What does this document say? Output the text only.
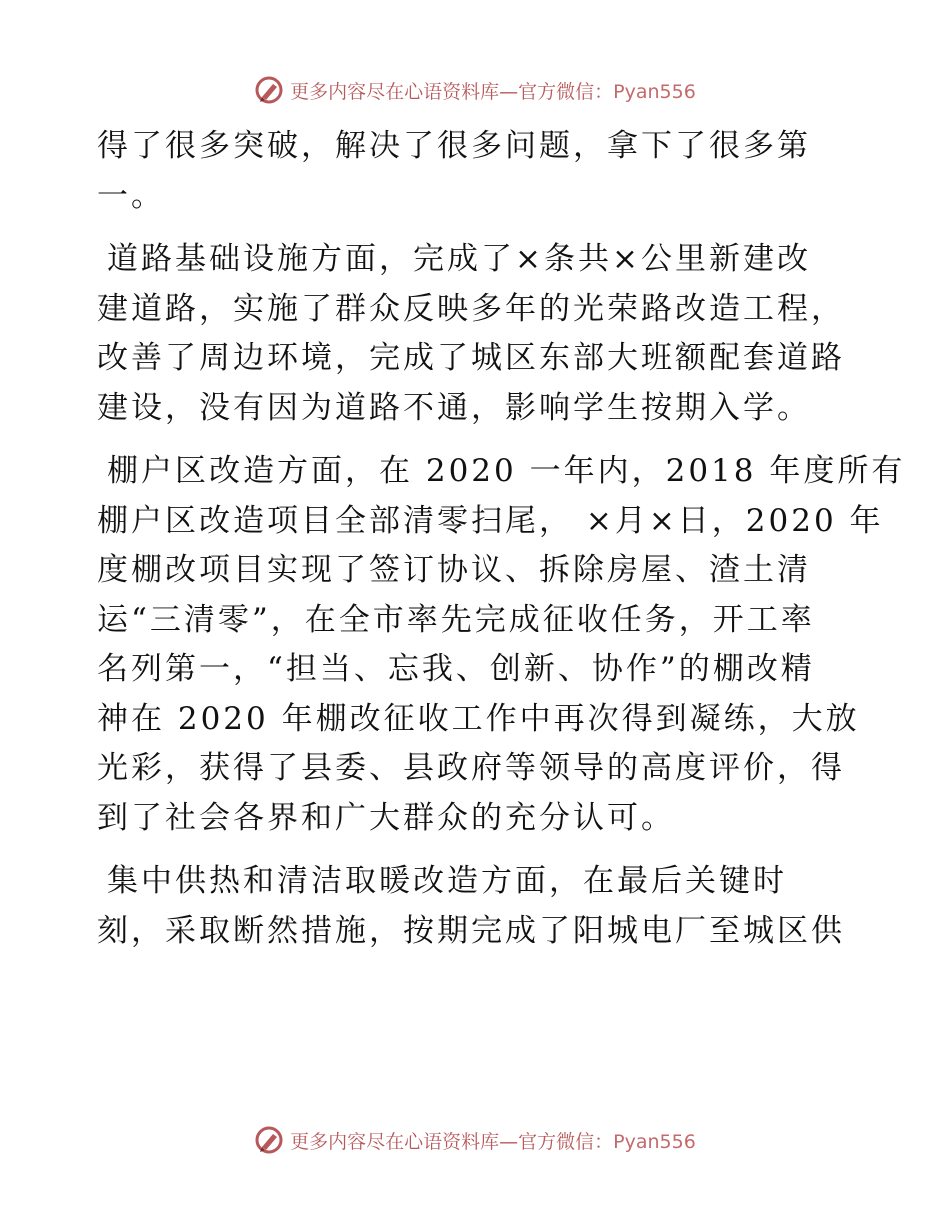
更多内容尽在心语资料库—官方微信：Pyan556

得了很多突破，解决了很多问题，拿下了很多第
一。

道路基础设施方面，完成了×条共×公里新建改
建道路，实施了群众反映多年的光荣路改造工程，
改善了周边环境，完成了城区东部大班额配套道路
建设，没有因为道路不通，影响学生按期入学。

棚户区改造方面，在 2020 一年内，2018 年度所有
棚户区改造项目全部清零扫尾， ×月×日，2020 年
度棚改项目实现了签订协议、拆除房屋、渣土清
运“三清零”，在全市率先完成征收任务，开工率
名列第一，“担当、忘我、创新、协作”的棚改精
神在 2020 年棚改征收工作中再次得到凝练，大放
光彩，获得了县委、县政府等领导的高度评价，得
到了社会各界和广大群众的充分认可。

集中供热和清洁取暖改造方面，在最后关键时
刻，采取断然措施，按期完成了阳城电厂至城区供

更多内容尽在心语资料库—官方微信：Pyan556
